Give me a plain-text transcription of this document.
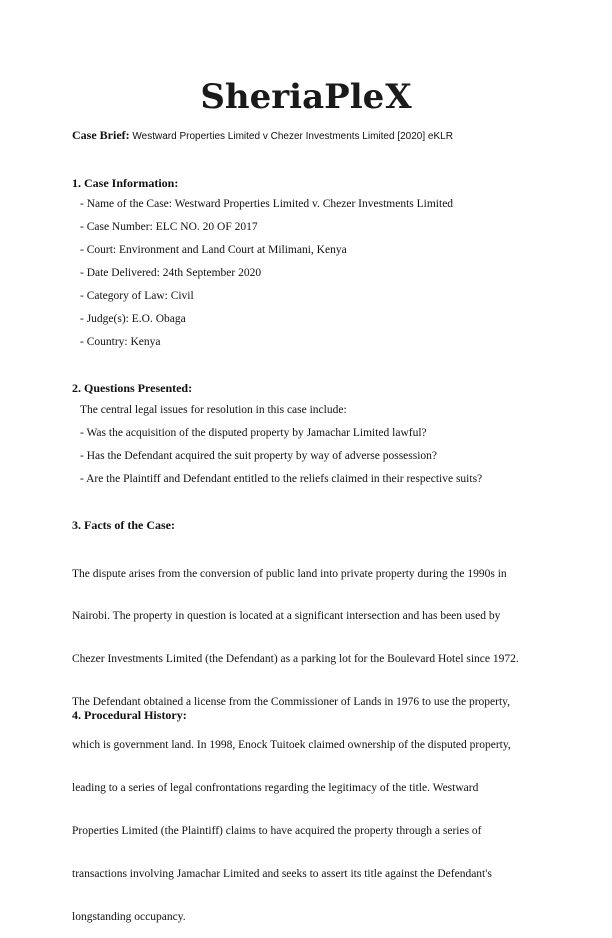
SheriaPleX
Case Brief: Westward Properties Limited v Chezer Investments Limited [2020] eKLR
1. Case Information:
- Name of the Case: Westward Properties Limited v. Chezer Investments Limited
- Case Number: ELC NO. 20 OF 2017
- Court: Environment and Land Court at Milimani, Kenya
- Date Delivered: 24th September 2020
- Category of Law: Civil
- Judge(s): E.O. Obaga
- Country: Kenya
2. Questions Presented:
The central legal issues for resolution in this case include:
- Was the acquisition of the disputed property by Jamachar Limited lawful?
- Has the Defendant acquired the suit property by way of adverse possession?
- Are the Plaintiff and Defendant entitled to the reliefs claimed in their respective suits?
3. Facts of the Case:

The dispute arises from the conversion of public land into private property during the 1990s in

Nairobi. The property in question is located at a significant intersection and has been used by

Chezer Investments Limited (the Defendant) as a parking lot for the Boulevard Hotel since 1972.

The Defendant obtained a license from the Commissioner of Lands in 1976 to use the property,

which is government land. In 1998, Enock Tuitoek claimed ownership of the disputed property,

leading to a series of legal confrontations regarding the legitimacy of the title. Westward

Properties Limited (the Plaintiff) claims to have acquired the property through a series of

transactions involving Jamachar Limited and seeks to assert its title against the Defendant's

longstanding occupancy.

4. Procedural History:
